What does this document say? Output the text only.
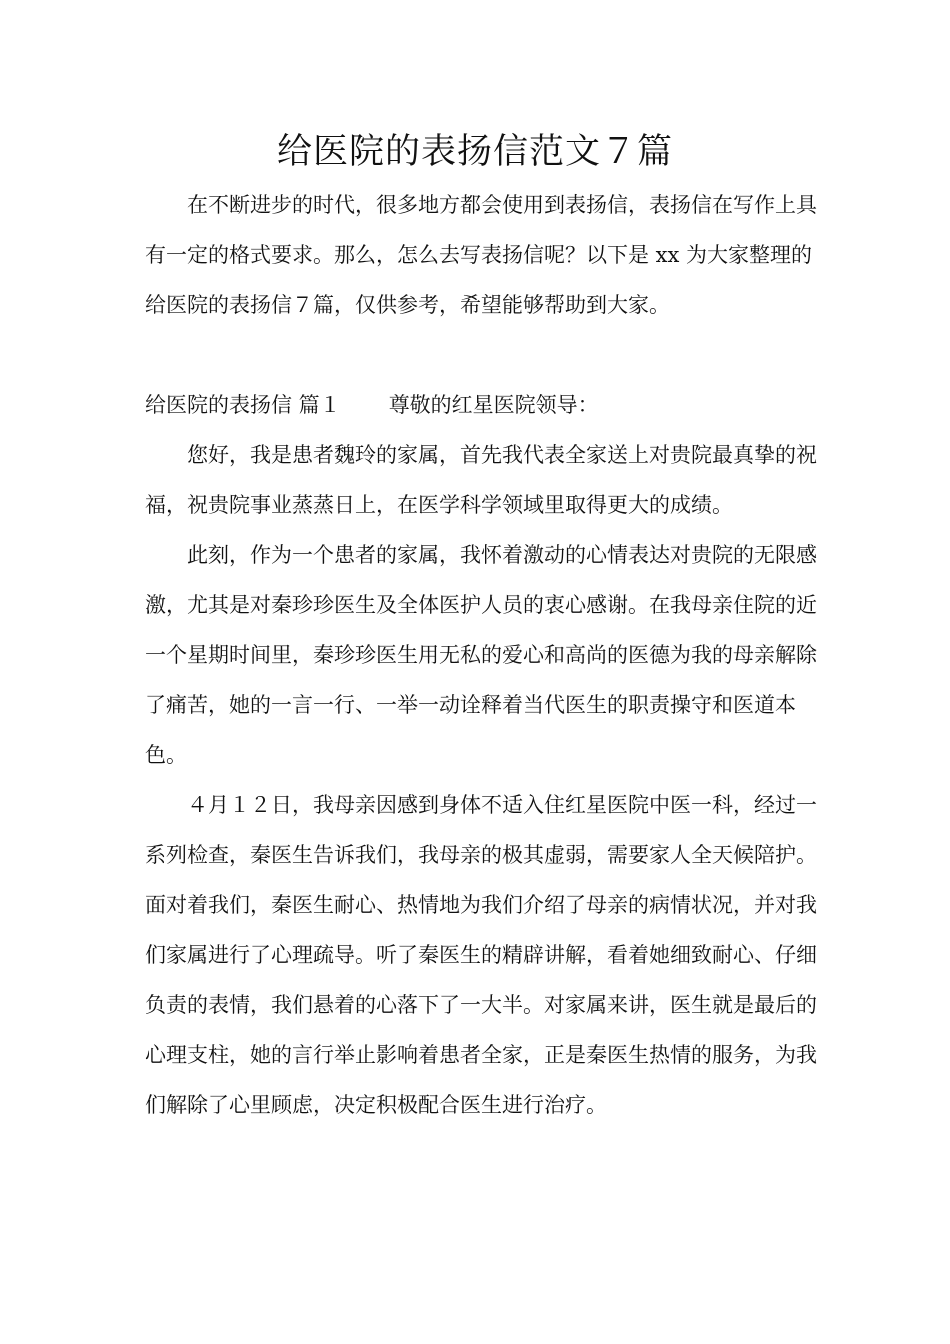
给医院的表扬信范文７篇

在不断进步的时代，很多地方都会使用到表扬信，表扬信在写作上具有一定的格式要求。那么，怎么去写表扬信呢？以下是 xx 为大家整理的给医院的表扬信７篇，仅供参考，希望能够帮助到大家。

给医院的表扬信 篇１ 尊敬的红星医院领导：

您好，我是患者魏玲的家属，首先我代表全家送上对贵院最真挚的祝福，祝贵院事业蒸蒸日上，在医学科学领域里取得更大的成绩。

此刻，作为一个患者的家属，我怀着激动的心情表达对贵院的无限感激，尤其是对秦珍珍医生及全体医护人员的衷心感谢。在我母亲住院的近一个星期时间里，秦珍珍医生用无私的爱心和高尚的医德为我的母亲解除了痛苦，她的一言一行、一举一动诠释着当代医生的职责操守和医道本色。

４月１２日，我母亲因感到身体不适入住红星医院中医一科，经过一系列检查，秦医生告诉我们，我母亲的极其虚弱，需要家人全天候陪护。面对着我们，秦医生耐心、热情地为我们介绍了母亲的病情状况，并对我们家属进行了心理疏导。听了秦医生的精辟讲解，看着她细致耐心、仔细负责的表情，我们悬着的心落下了一大半。对家属来讲，医生就是最后的心理支柱，她的言行举止影响着患者全家，正是秦医生热情的服务，为我们解除了心里顾虑，决定积极配合医生进行治疗。
